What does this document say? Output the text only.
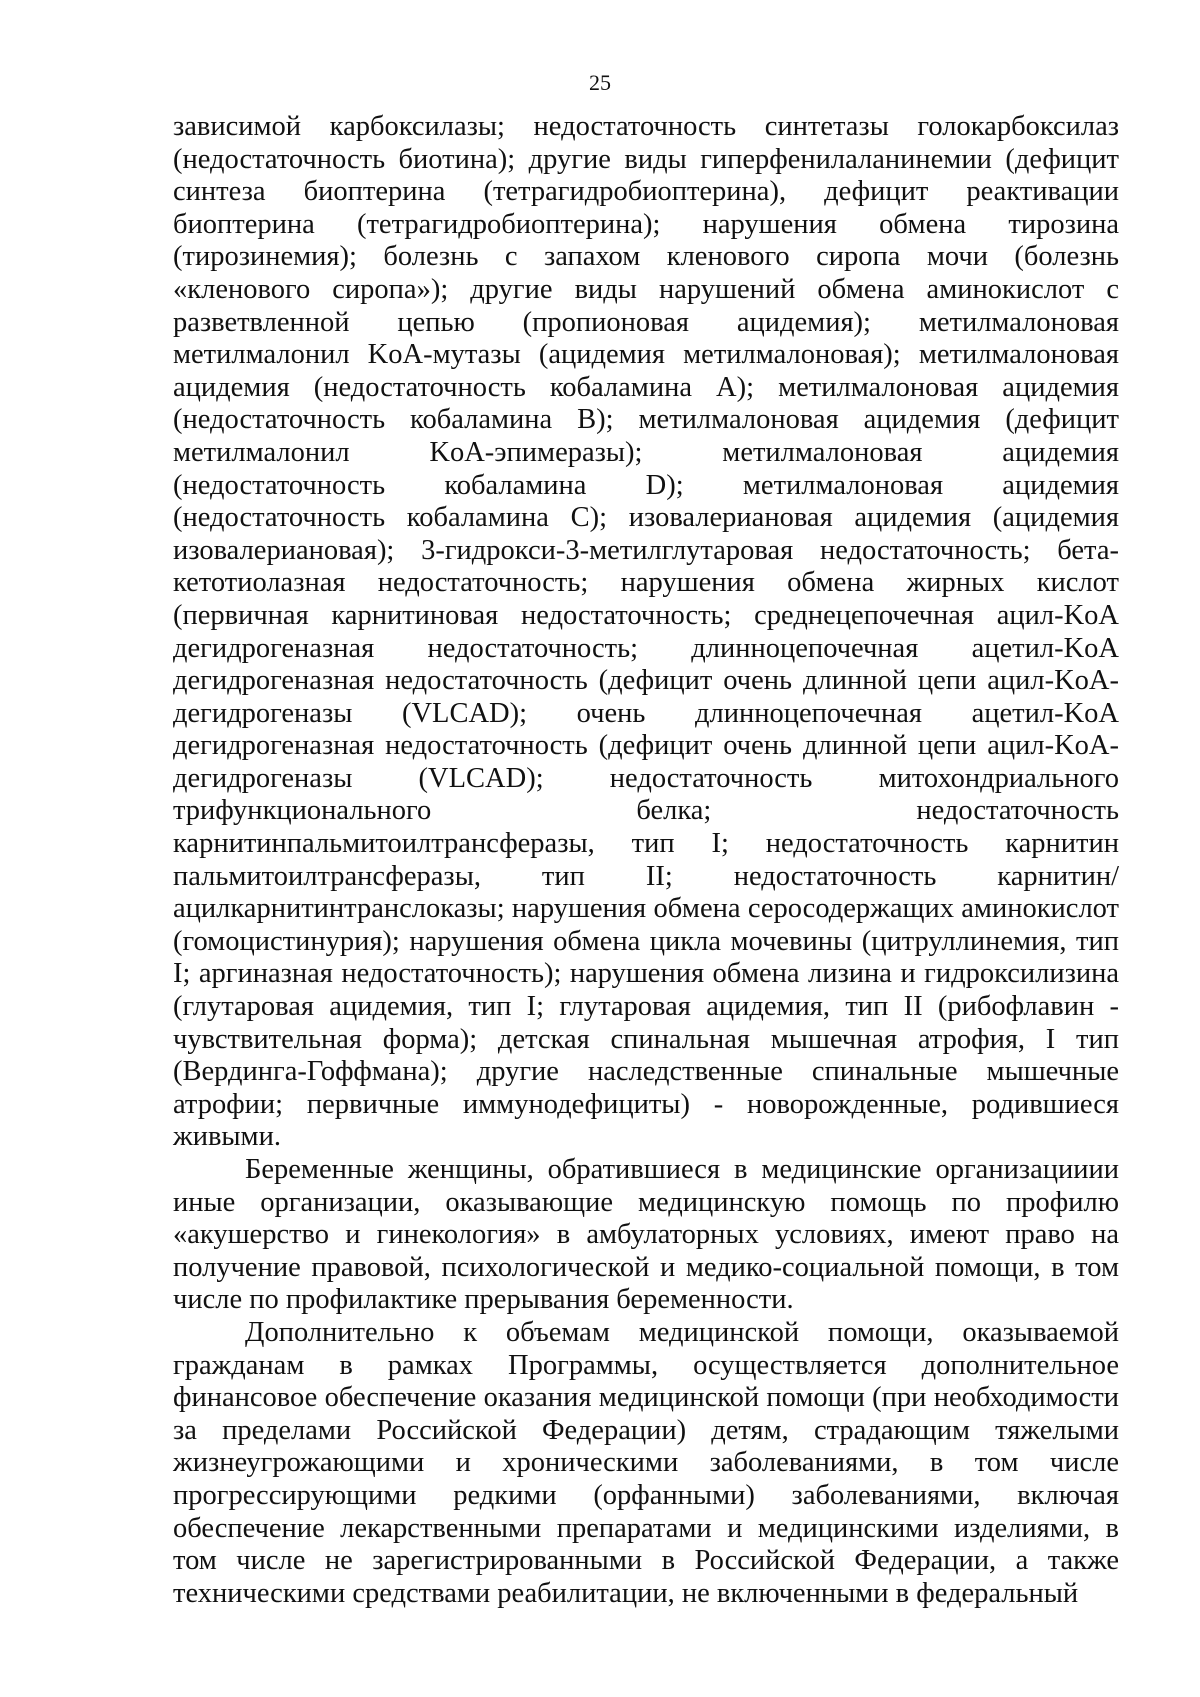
25

зависимой карбоксилазы; недостаточность синтетазы голокарбоксилаз (недостаточность биотина); другие виды гиперфенилаланинемии (дефицит синтеза биоптерина (тетрагидробиоптерина), дефицит реактивации биоптерина (тетрагидробиоптерина); нарушения обмена тирозина (тирозинемия); болезнь с запахом кленового сиропа мочи (болезнь «кленового сиропа»); другие виды нарушений обмена аминокислот с разветвленной цепью (пропионовая ацидемия); метилмалоновая метилмалонил KoA-мутазы (ацидемия метилмалоновая); метилмалоновая ацидемия (недостаточность кобаламина A); метилмалоновая ацидемия (недостаточность кобаламина B); метилмалоновая ацидемия (дефицит метилмалонил KoA-эпимеразы); метилмалоновая ацидемия (недостаточность кобаламина D); метилмалоновая ацидемия (недостаточность кобаламина C); изовалериановая ацидемия (ацидемия изовалериановая); 3-гидрокси-3-метилглутаровая недостаточность; бета-кетотиолазная недостаточность; нарушения обмена жирных кислот (первичная карнитиновая недостаточность; среднецепочечная ацил-KoA дегидрогеназная недостаточность; длинноцепочечная ацетил-KoA дегидрогеназная недостаточность (дефицит очень длинной цепи ацил-KoA-дегидрогеназы (VLCAD); очень длинноцепочечная ацетил-KoA дегидрогеназная недостаточность (дефицит очень длинной цепи ацил-KoA-дегидрогеназы (VLCAD); недостаточность митохондриального трифункционального белка; недостаточность карнитинпальмитоилтрансферазы, тип I; недостаточность карнитин пальмитоилтрансферазы, тип II; недостаточность карнитин/ацилкарнитинтранслоказы; нарушения обмена серосодержащих аминокислот (гомоцистинурия); нарушения обмена цикла мочевины (цитруллинемия, тип I; аргиназная недостаточность); нарушения обмена лизина и гидроксилизина (глутаровая ацидемия, тип I; глутаровая ацидемия, тип II (рибофлавин - чувствительная форма); детская спинальная мышечная атрофия, I тип (Вердинга-Гоффмана); другие наследственные спинальные мышечные атрофии; первичные иммунодефициты) - новорожденные, родившиеся живыми.

Беременные женщины, обратившиеся в медицинские организацииии иные организации, оказывающие медицинскую помощь по профилю «акушерство и гинекология» в амбулаторных условиях, имеют право на получение правовой, психологической и медико-социальной помощи, в том числе по профилактике прерывания беременности.

Дополнительно к объемам медицинской помощи, оказываемой гражданам в рамках Программы, осуществляется дополнительное финансовое обеспечение оказания медицинской помощи (при необходимости за пределами Российской Федерации) детям, страдающим тяжелыми жизнеугрожающими и хроническими заболеваниями, в том числе прогрессирующими редкими (орфанными) заболеваниями, включая обеспечение лекарственными препаратами и медицинскими изделиями, в том числе не зарегистрированными в Российской Федерации, а также техническими средствами реабилитации, не включенными в федеральный
